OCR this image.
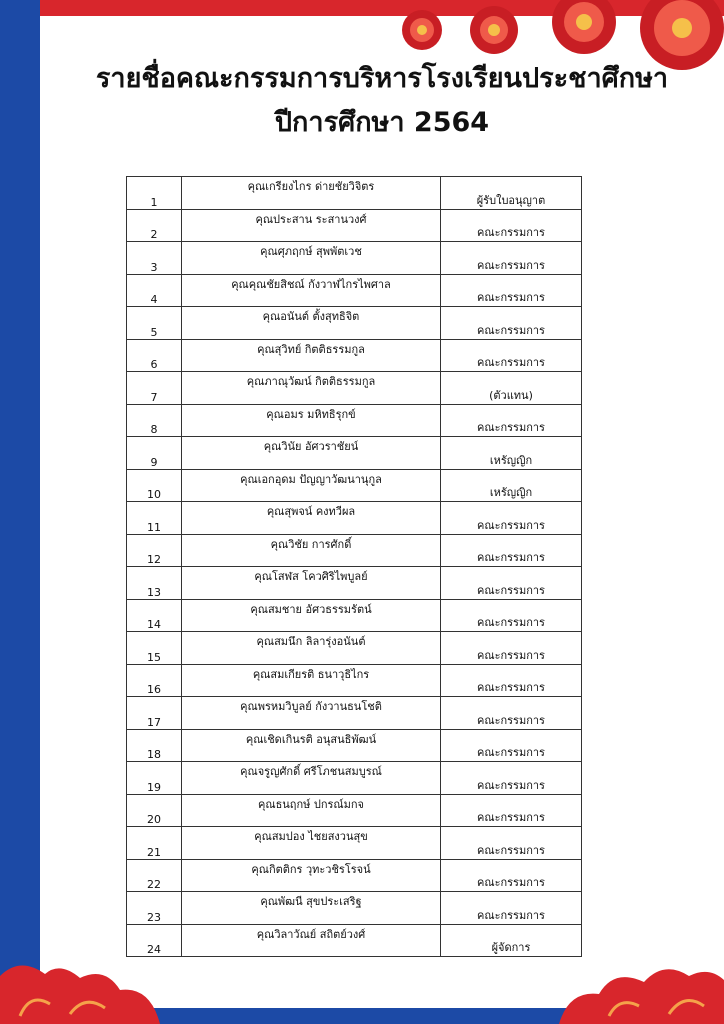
รายชื่อคณะกรรมการบริหารโรงเรียนประชาศึกษา
ปีการศึกษา 2564
1	คุณเกรียงไกร ด่ายชัยวิจิตร	ผู้รับใบอนุญาต
2	คุณประสาน ระสานวงศ์	คณะกรรมการ
3	คุณศุภฤกษ์ สุพพัตเวช	คณะกรรมการ
4	คุณคุณชัยสิชณ์ กังวาฬไกรไพศาล	คณะกรรมการ
5	คุณอนันต์ ตั้งสุทธิจิต	คณะกรรมการ
6	คุณสุวิทย์ กิตติธรรมกูล	คณะกรรมการ
7	คุณภาณุวัฒน์ กิตติธรรมกูล	(ตัวแทน)
8	คุณอมร มหิทธิรุกข์	คณะกรรมการ
9	คุณวินัย อัศวราชัยน์	เหรัญญิก
10	คุณเอกอุดม ปัญญาวัฒนานุกูล	เหรัญญิก
11	คุณสุพจน์ คงทวีผล	คณะกรรมการ
12	คุณวิชัย การศักดิ์	คณะกรรมการ
13	คุณโสฬส โควศิริไพบูลย์	คณะกรรมการ
14	คุณสมชาย อัศวธรรมรัตน์	คณะกรรมการ
15	คุณสมนึก ลิลารุ่งอนันต์	คณะกรรมการ
16	คุณสมเกียรติ ธนาวุธิไกร	คณะกรรมการ
17	คุณพรหมวิบูลย์ กังวานธนโชติ	คณะกรรมการ
18	คุณเชิดเกินรติ อนุสนธิพัฒน์	คณะกรรมการ
19	คุณจรูญศักดิ์ ศรีโภชนสมบูรณ์	คณะกรรมการ
20	คุณธนฤกษ์ ปกรณ์มกจ	คณะกรรมการ
21	คุณสมปอง ไชยสงวนสุข	คณะกรรมการ
22	คุณกิตติกร วุทะวชิรโรจน์	คณะกรรมการ
23	คุณพัฒนี สุขประเสริฐ	คณะกรรมการ
24	คุณวิลาวัณย์ สถิตย์วงศ์	ผู้จัดการ
